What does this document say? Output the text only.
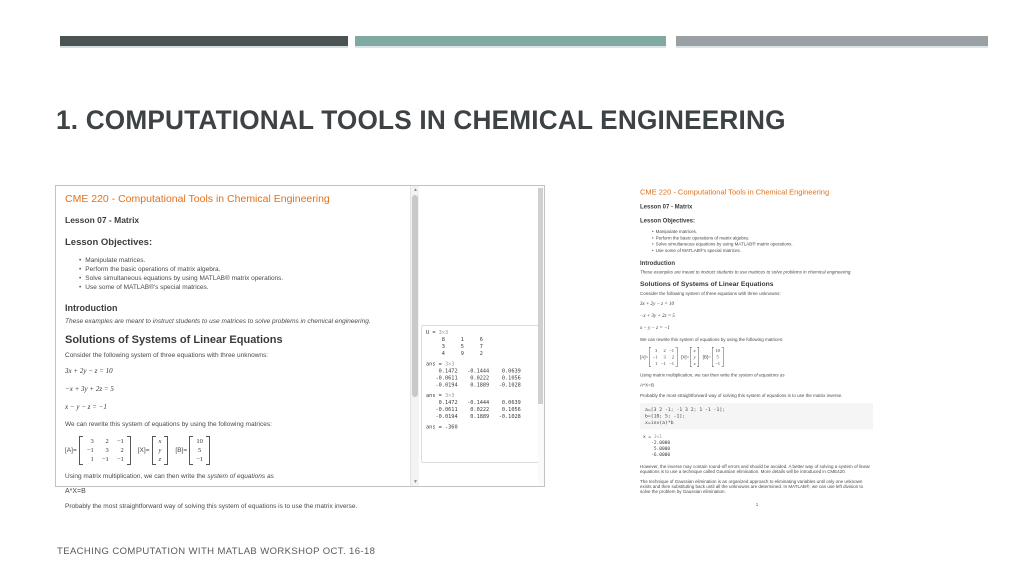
1. COMPUTATIONAL TOOLS IN CHEMICAL ENGINEERING
CME 220 - Computational Tools in Chemical Engineering
Lesson 07 - Matrix
Lesson Objectives:
• Manipulate matrices.
• Perform the basic operations of matrix algebra.
• Solve simultaneous equations by using MATLAB® matrix operations.
• Use some of MATLAB®'s special matrices.
Introduction
These examples are meant to instruct students to use matrices to solve problems in chemical engineering.
Solutions of Systems of Linear Equations
Consider the following system of three equations with three unknowns:
3x + 2y − z = 10
−x + 3y + 2z = 5
x − y − z = −1
We can rewrite this system of equations by using the following matrices:
[A]=
3	2 −1
−1	3	2
1 −1 −1
[X]=
x
y
z
[B]=
10
5
−1
Using matrix multiplication, we can then write the system of equations as
A*X=B
Probably the most straightforward way of solving this system of equations is to use the matrix inverse.
▲
▼
U = 3×3
8     1     6
3     5     7
4     9     2
ans = 3×3
0.1472   -0.1444    0.0639
-0.0611    0.0222    0.1056
-0.0194    0.1889   -0.1028
ans = 3×3
0.1472   -0.1444    0.0639
-0.0611    0.0222    0.1056
-0.0194    0.1889   -0.1028
ans = -360
CME 220 - Computational Tools in Chemical Engineering
Lesson 07 - Matrix
Lesson Objectives:
• Manipulate matrices.
• Perform the basic operations of matrix algebra.
• Solve simultaneous equations by using MATLAB® matrix operations.
• Use some of MATLAB®'s special matrices.
Introduction
These examples are meant to instruct students to use matrices to solve problems in chemical engineering.
Solutions of Systems of Linear Equations
Consider the following system of three equations with three unknowns:
3x + 2y − z = 10
−x + 3y + 2z = 5
x − y − z = −1
We can rewrite this system of equations by using the following matrices:
[A]=
3 2 −1
−1 3 2
1 −1 −1
[X]=
x
y
z
[B]=
10
5
−1
Using matrix multiplication, we can then write the system of equations as
A*X=B
Probably the most straightforward way of solving this system of equations is to use the matrix inverse.
a=[3 2 -1; -1 3 2; 1 -1 -1];
b=[10; 5; -1];
x=inv(a)*b
x = 3×1
-2.0000
5.0000
-6.0000
However, the inverse may contain round-off errors and should be avoided. A better way of solving a system of linear equations is to use a technique called Gaussian elimination. More details will be introduced in CME420.
The technique of Gaussian elimination is an organized approach to eliminating variables until only one unknown exists and then substituting back until all the unknowns are determined. In MATLAB®, we can use left division to solve the problem by Gaussian elimination.
1
TEACHING COMPUTATION WITH MATLAB WORKSHOP OCT. 16-18
